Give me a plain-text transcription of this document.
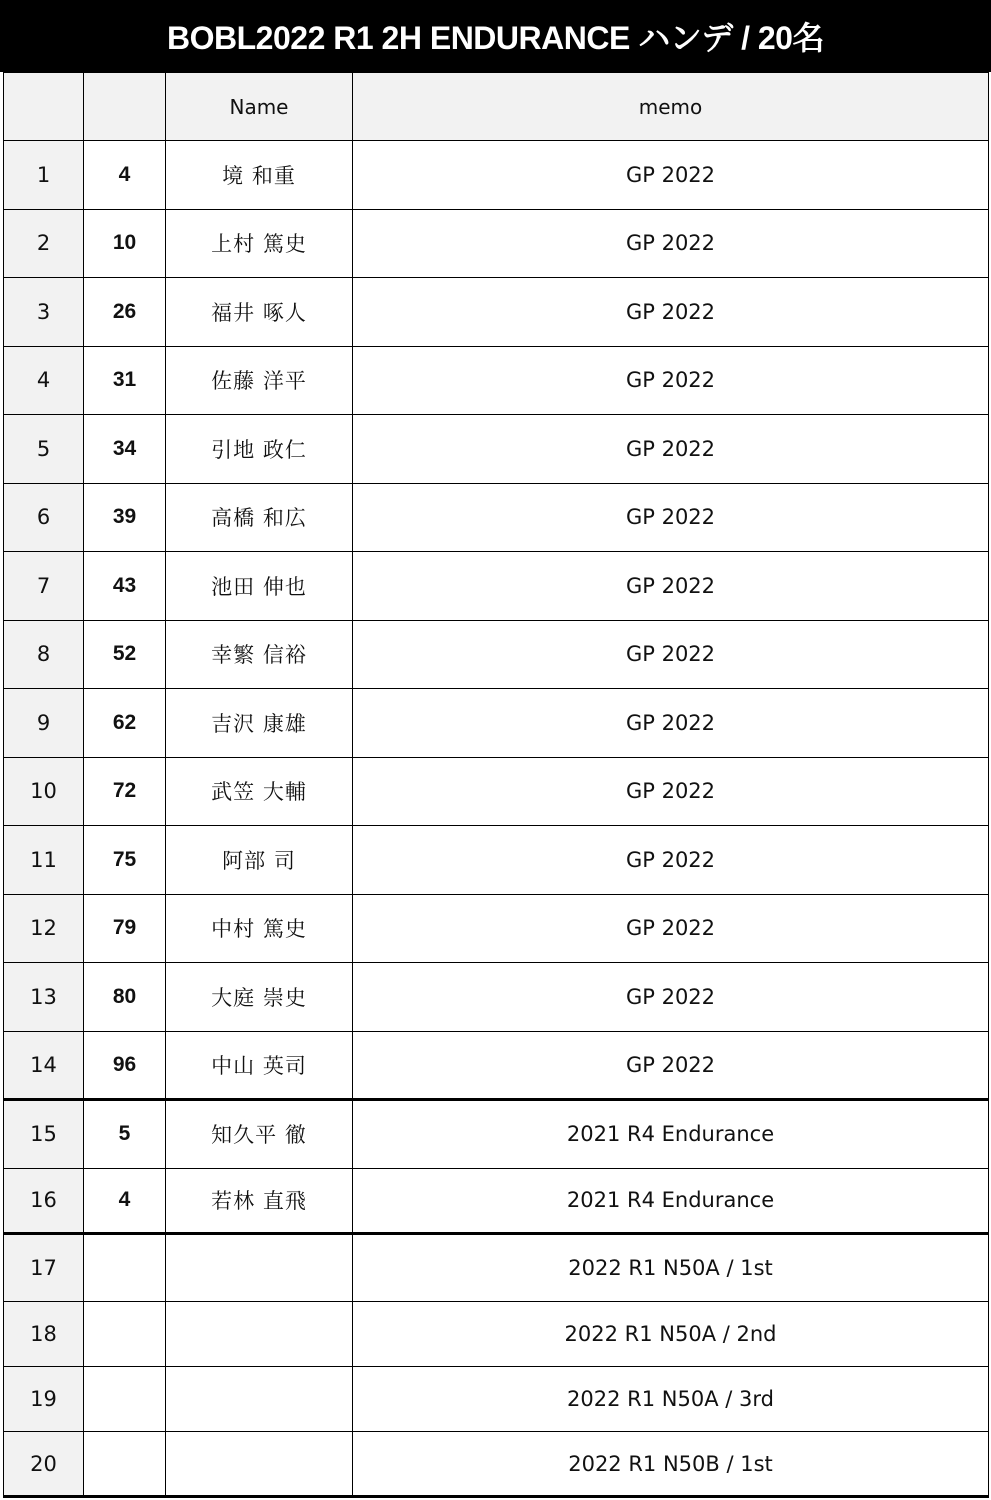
BOBL2022 R1 2H ENDURANCE ハンデ / 20名
		Name	memo
1	4	境 和重	GP 2022
2	10	上村 篤史	GP 2022
3	26	福井 啄人	GP 2022
4	31	佐藤 洋平	GP 2022
5	34	引地 政仁	GP 2022
6	39	高橋 和広	GP 2022
7	43	池田 伸也	GP 2022
8	52	幸繁 信裕	GP 2022
9	62	吉沢 康雄	GP 2022
10	72	武笠 大輔	GP 2022
11	75	阿部 司	GP 2022
12	79	中村 篤史	GP 2022
13	80	大庭 崇史	GP 2022
14	96	中山 英司	GP 2022
15	5	知久平 徹	2021 R4 Endurance
16	4	若林 直飛	2021 R4 Endurance
17			2022 R1 N50A / 1st
18			2022 R1 N50A / 2nd
19			2022 R1 N50A / 3rd
20			2022 R1 N50B / 1st
